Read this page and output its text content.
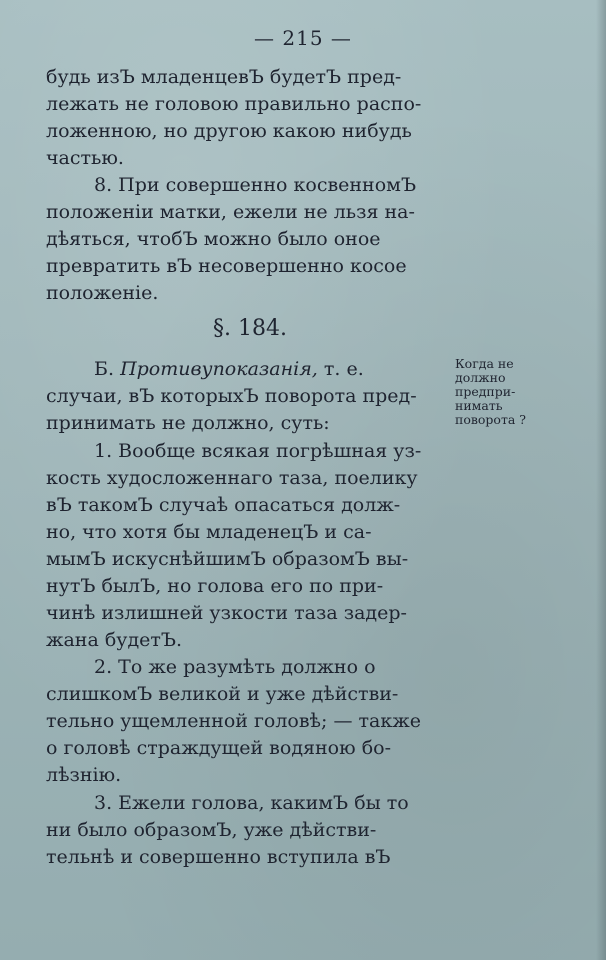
— 215 —
будь изЪ младенцевЪ будетЪ пред-
лежать не головою правильно распо-
ложенною, но другою какою нибудь
частью.
8. При совершенно косвенномЪ
положеніи матки, ежели не льзя на-
дѣяться, чтобЪ можно было оное
превратить вЪ несовершенно косое
положеніе.
§. 184.
Б. Противупоказанія, т. е.
случаи, вЪ которыхЪ поворота пред-
принимать не должно, суть:
1. Вообще всякая погрѣшная уз-
кость худосложеннаго таза, поелику
вЪ такомЪ случаѣ опасаться долж-
но, что хотя бы младенецЪ и са-
мымЪ искуснѣйшимЪ образомЪ вы-
нутЪ былЪ, но голова его по при-
чинѣ излишней узкости таза задер-
жана будетЪ.
2. То же разумѣть должно о
слишкомЪ великой и уже дѣйстви-
тельно ущемленной головѣ; — также
о головѣ страждущей водяною бо-
лѣзнію.
3. Ежели голова, какимЪ бы то
ни было образомЪ, уже дѣйстви-
тельнѣ и совершенно вступила вЪ
Когда не
должно
предпри-
нимать
поворота ?
